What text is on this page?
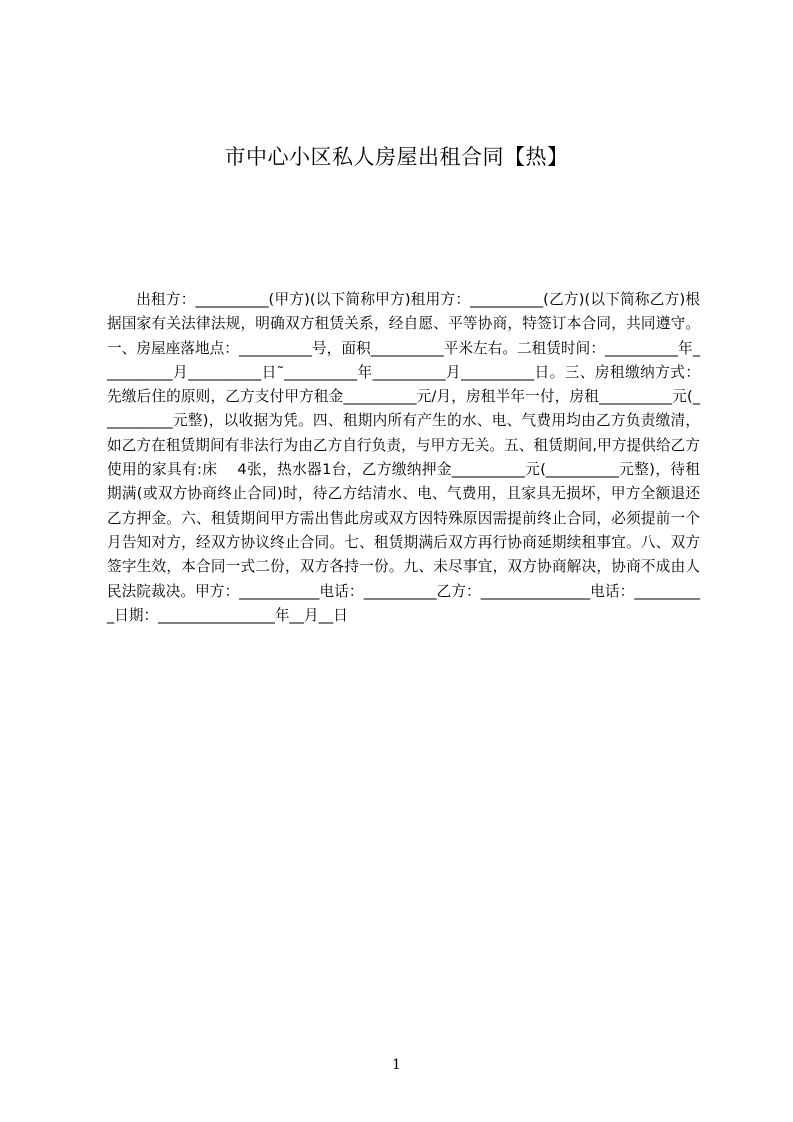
市中心小区私人房屋出租合同【热】

出租方：__________(甲方)(以下简称甲方)租用方：__________(乙方)(以下简称乙方)根据国家有关法律法规，明确双方租赁关系，经自愿、平等协商，特签订本合同，共同遵守。一、房屋座落地点：__________号，面积__________平米左右。二租赁时间：__________年__________月__________日˜__________年__________月__________日。三、房租缴纳方式：先缴后住的原则，乙方支付甲方租金__________元/月，房租半年一付，房租__________元(__________元整)，以收据为凭。四、租期内所有产生的水、电、气费用均由乙方负责缴清，如乙方在租赁期间有非法行为由乙方自行负责，与甲方无关。五、租赁期间,甲方提供给乙方使用的家具有:床　 4张，热水器1台，乙方缴纳押金__________元(__________元整)，待租期满(或双方协商终止合同)时，待乙方结清水、电、气费用，且家具无损坏，甲方全额退还乙方押金。六、租赁期间甲方需出售此房或双方因特殊原因需提前终止合同，必须提前一个月告知对方，经双方协议终止合同。七、租赁期满后双方再行协商延期续租事宜。八、双方签字生效，本合同一式二份，双方各持一份。九、未尽事宜，双方协商解决，协商不成由人民法院裁决。甲方：___________电话：__________乙方：_______________电话：__________日期：________________年__月__日

1
